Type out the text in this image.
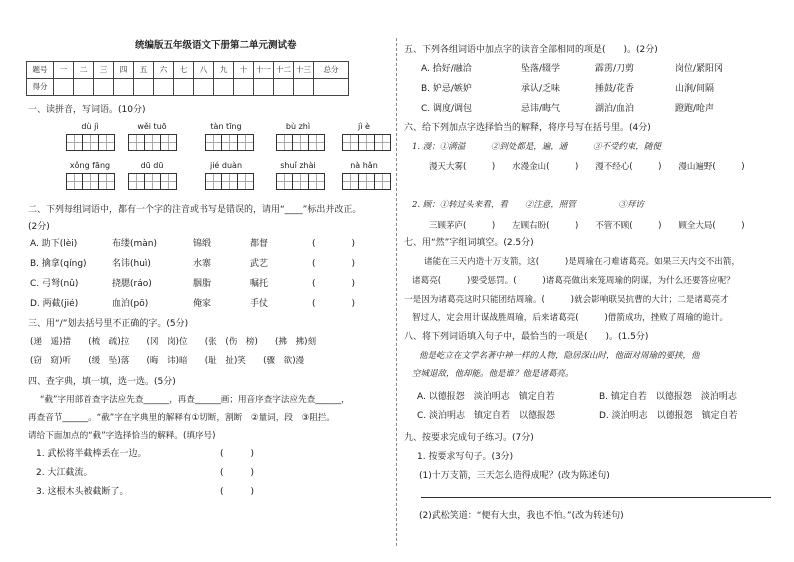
统编版五年级语文下册第二单元测试卷
题号	一	二	三	四	五	六	七	八	九	十	十一	十二	十三	总分
得分														
一、读拼音，写词语。(10分)
dù jì	wěi tuō	tàn tīng	bù zhì	jì è
xǒng fāng	dū dū	jié duàn	shuǐ zhài	nà hǎn
二、下列每组词语中，都有一个字的注音或书写是错误的，请用“____”标出并改正。
(2分)
A. 助下(lèi)	布缕(màn)	锦缎	都督	(　　　　)
B. 擒拿(qíng)	名讳(huì)	水寨	武艺	(　　　　)
C. 弓弩(nǔ)	挠腮(ráo)	胭脂	嘱托	(　　　　)
D. 两截(jié)	血泊(pō)	俺家	手仗	(　　　　)
三、用“/”划去括号里不正确的字。(5分)
(递　遥)措　　(梳　疏)拉　　(冈　岗)位　　(张　(伤　榜)　　(拂　拂)刻
(窃　窈)听　　(缓　坠)落　　(晦　讳)暗　　(耻　扯)笑　　(骤　欲)漫
四、查字典，填一填，选一选。(5分)
“截”字用部首查字法应先查______，再查______画；用音序查字法应先查______，
再查音节______。“截”字在字典里的解释有①切断，割断　②量词，段　③阻拦。
请给下面加点的“截”字选择恰当的解释。(填序号)
1. 武松将半截棒丢在一边。	(　　　)
2. 大江截流。	(　　　)
3. 这根木头被截断了。	(　　　)
五、下列各组词语中加点字的读音全部相同的项是(　　)。(2分)
A. 拾好/融洽	坠落/辍学	霹雳/刀剪	岗位/紧阳冈
B. 妒忌/嫉妒	承认/乏味	捶鼓/花香	山涧/间隔
C. 调度/调包	忌讳/晦气	湖泊/血泊	蹬跑/呛声
六、给下列加点字选择恰当的解释，将序号写在括号里。(4分)
1. 漫：①满溢　　　②到处都是，遍，通　　　③不受约束，随便
漫天大雾(　　　)　　水漫金山(　　　)　　漫不经心(　　　)　　漫山遍野(　　　)
2. 顾：①转过头来看，看　　②注意，照管　　　　　③拜访
三顾茅庐(　　　)　　左顾右盼(　　　)　　不管不顾(　　　)　　顾全大局(　　　)
七、用“然”字组词填空。(2.5分)
诸能在三天内造十万支箭，这(　　　)是周瑜在刁难诸葛亮。如果三天内交不出箭，
诸葛亮(　　　)要受惩罚。(　　　)诸葛亮做出来笼周瑜的阴谋，为什么还要答应呢？
一是因为诸葛亮这时只能团结周瑜。(　　　)就会影响联吴抗曹的大计；二是诸葛亮才
智过人，定会用计谋战胜周瑜，后来诸葛亮(　　　)借箭成功，挫败了周瑜的诡计。
八、将下列词语填入句子中，最恰当的一项是(　　)。(1.5分)
他是屹立在文学名著中神一样的人物，隐居深山时，他面对周瑜的要挟，他
空城退敌，他却能。他是谁？他是诸葛亮。
A. 以德报怨　淡泊明志　镇定自若	B. 镇定自若　以德报怨　淡泊明志
C. 淡泊明志　镇定自若　以德报怨	D. 淡泊明志　以德报怨　镇定自若
九、按要求完成句子练习。(7分)
1. 按要求写句子。(3分)
(1)十万支箭，三天怎么造得成呢？(改为陈述句)
(2)武松笑道：“便有大虫，我也不怕。”(改为转述句)
